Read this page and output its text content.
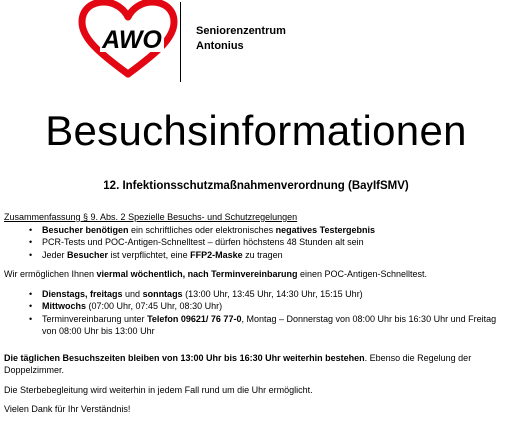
AWO	Seniorenzentrum
Antonius
Besuchsinformationen
12. Infektionsschutzmaßnahmenverordnung (BayIfSMV)

Zusammenfassung § 9. Abs. 2 Spezielle Besuchs- und Schutzregelungen

• Besucher benötigen ein schriftliches oder elektronisches negatives Testergebnis
• PCR-Tests und POC-Antigen-Schnelltest – dürfen höchstens 48 Stunden alt sein
• Jeder Besucher ist verpflichtet, eine FFP2-Maske zu tragen

Wir ermöglichen Ihnen viermal wöchentlich, nach Terminvereinbarung einen POC-Antigen-Schnelltest.

• Dienstags, freitags und sonntags (13:00 Uhr, 13:45 Uhr, 14:30 Uhr, 15:15 Uhr)
• Mittwochs (07:00 Uhr, 07:45 Uhr, 08:30 Uhr)
• Terminvereinbarung unter Telefon 09621/ 76 77-0, Montag – Donnerstag von 08:00 Uhr bis 16:30 Uhr und Freitag von 08:00 Uhr bis 13:00 Uhr

Die täglichen Besuchszeiten bleiben von 13:00 Uhr bis 16:30 Uhr weiterhin bestehen. Ebenso die Regelung der Doppelzimmer.

Die Sterbebegleitung wird weiterhin in jedem Fall rund um die Uhr ermöglicht.

Vielen Dank für Ihr Verständnis!
